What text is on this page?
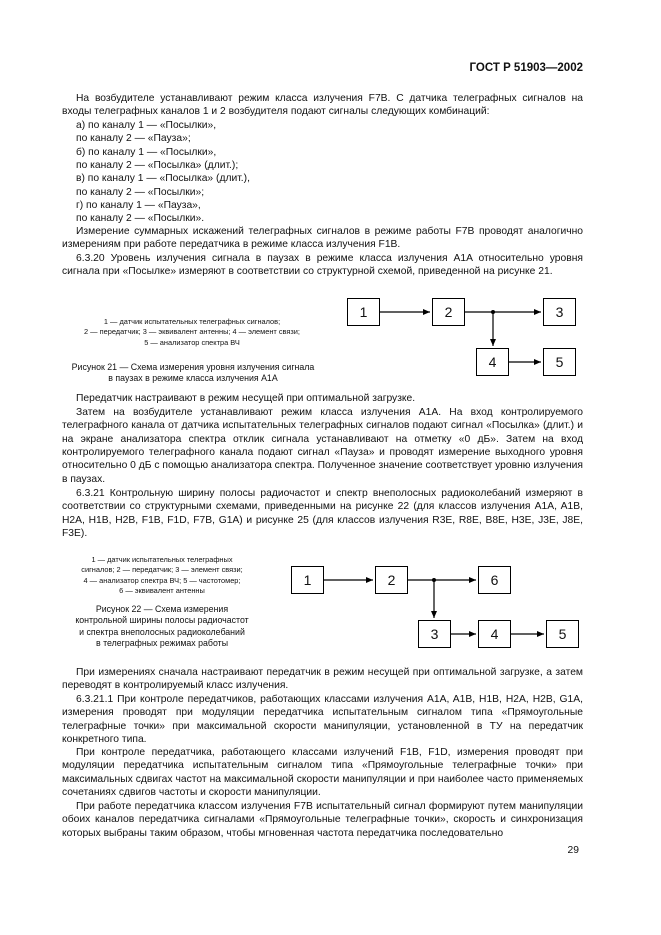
ГОСТ Р 51903—2002

На возбудителе устанавливают режим класса излучения F7B. С датчика телеграфных сигналов на входы телеграфных каналов 1 и 2 возбудителя подают сигналы следующих комбинаций:

а) по каналу 1 — «Посылки»,
по каналу 2 — «Пауза»;
б) по каналу 1 — «Посылки»,
по каналу 2 — «Посылка» (длит.);
в) по каналу 1 — «Посылка» (длит.),
по каналу 2 — «Посылки»;
г) по каналу 1 — «Пауза»,
по каналу 2 — «Посылки».

Измерение суммарных искажений телеграфных сигналов в режиме работы F7B проводят аналогично измерениям при работе передатчика в режиме класса излучения F1B.

6.3.20 Уровень излучения сигнала в паузах в режиме класса излучения A1A относительно уровня сигнала при «Посылке» измеряют в соответствии со структурной схемой, приведенной на рисунке 21.

1 — датчик испытательных телеграфных сигналов;
2 — передатчик; 3 — эквивалент антенны; 4 — элемент связи;
5 — анализатор спектра ВЧ
Рисунок 21 — Схема измерения уровня излучения сигнала
в паузах в режиме класса излучения A1A
1	2	3
4	5

Передатчик настраивают в режим несущей при оптимальной загрузке.

Затем на возбудителе устанавливают режим класса излучения A1A. На вход контролируемого телеграфного канала от датчика испытательных телеграфных сигналов подают сигнал «Посылка» (длит.) и на экране анализатора спектра отклик сигнала устанавливают на отметку «0 дБ». Затем на вход контролируемого телеграфного канала подают сигнал «Пауза» и проводят измерение выходного уровня относительно 0 дБ с помощью анализатора спектра. Полученное значение соответствует уровню излучения в паузах.

6.3.21 Контрольную ширину полосы радиочастот и спектр внеполосных радиоколебаний измеряют в соответствии со структурными схемами, приведенными на рисунке 22 (для классов излучения A1A, A1B, H2A, H1B, H2B, F1B, F1D, F7B, G1A) и рисунке 25 (для классов излучения R3E, R8E, B8E, H3E, J3E, J8E, F3E).

1 — датчик испытательных телеграфных
сигналов; 2 — передатчик; 3 — элемент связи;
4 — анализатор спектра ВЧ; 5 — частотомер;
6 — эквивалент антенны
Рисунок 22 — Схема измерения
контрольной ширины полосы радиочастот
и спектра внеполосных радиоколебаний
в телеграфных режимах работы
1	2	6
3	4	5

При измерениях сначала настраивают передатчик в режим несущей при оптимальной загрузке, а затем переводят в контролируемый класс излучения.

6.3.21.1 При контроле передатчиков, работающих классами излучения A1A, A1B, H1B, H2A, H2B, G1A, измерения проводят при модуляции передатчика испытательным сигналом типа «Прямоугольные телеграфные точки» при максимальной скорости манипуляции, установленной в ТУ на передатчик конкретного типа.

При контроле передатчика, работающего классами излучений F1B, F1D, измерения проводят при модуляции передатчика испытательным сигналом типа «Прямоугольные телеграфные точки» при максимальных сдвигах частот на максимальной скорости манипуляции и при наиболее часто применяемых сочетаниях сдвигов частоты и скорости манипуляции.

При работе передатчика классом излучения F7B испытательный сигнал формируют путем манипуляции обоих каналов передатчика сигналами «Прямоугольные телеграфные точки», скорость и синхронизация которых выбраны таким образом, чтобы мгновенная частота передатчика последовательно

29
